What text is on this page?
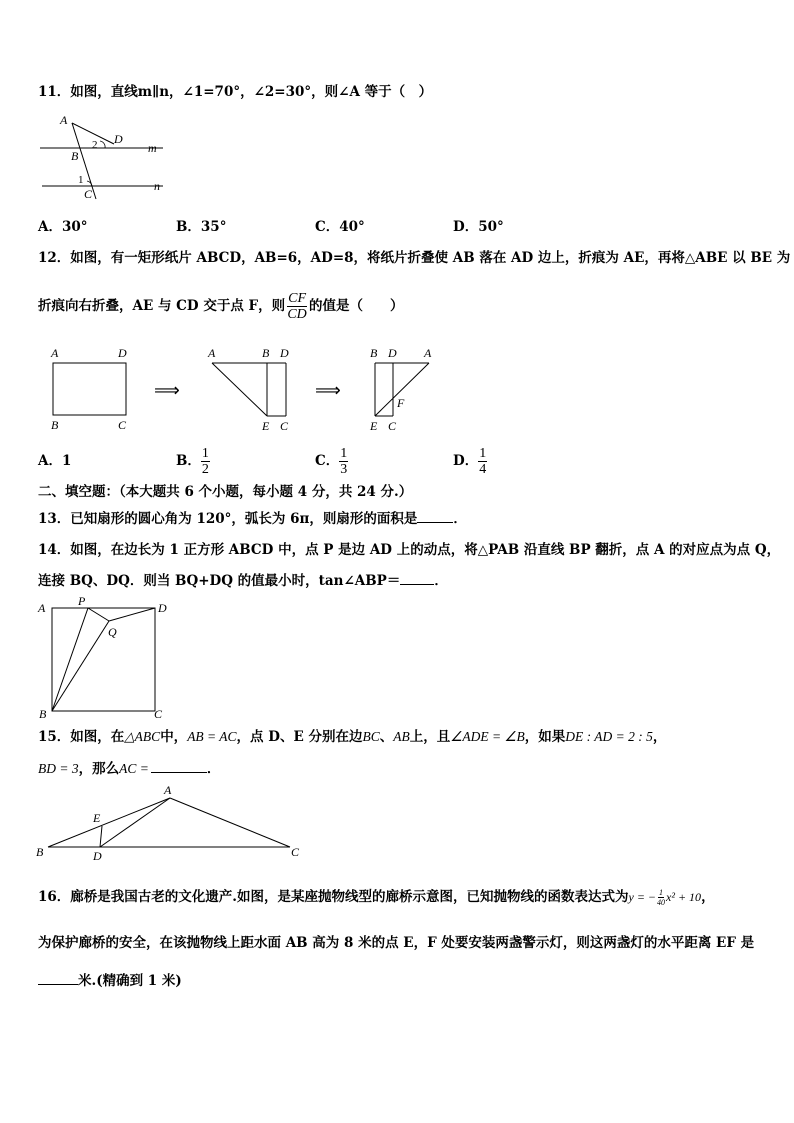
11．如图，直线m∥n，∠1=70°，∠2=30°，则∠A 等于（　）
A
D
m
B
2
1	n
C
A．30°	B．35°	C．40°	D．50°
12．如图，有一矩形纸片 ABCD，AB=6，AD=8，将纸片折叠使 AB 落在 AD 边上，折痕为 AE，再将△ABE 以 BE 为
折痕向右折叠，AE 与 CD 交于点 F，则 $\frac{CF}{CD}$ 的值是（　　）
A	D
B	C
⟹
A	B D
E C
⟹
B D A
F
E C
A．1	B． $\frac{1}{2}$	C． $\frac{1}{3}$	D． $\frac{1}{4}$
二、填空题：（本大题共 6 个小题，每小题 4 分，共 24 分.）
13．已知扇形的圆心角为 120°，弧长为 6π，则扇形的面积是	．
14．如图，在边长为 1 正方形 ABCD 中，点 P 是边 AD 上的动点，将△PAB 沿直线 BP 翻折，点 A 的对应点为点 Q，
连接 BQ、DQ．则当 BQ+DQ 的值最小时，tan∠ABP＝	．
A	P	D
Q
B	C
15．如图，在△ABC中，AB = AC，点 D、E 分别在边BC、AB上，且∠ADE = ∠B，如果DE : AD = 2 : 5，
BD = 3，那么AC =	．
A
E
B	D	C
16．廊桥是我国古老的文化遗产.如图，是某座抛物线型的廊桥示意图，已知抛物线的函数表达式为 y = − $\frac{1}{40} x^2 + 10$ ，
为保护廊桥的安全，在该抛物线上距水面 AB 高为 8 米的点 E，F 处要安装两盏警示灯，则这两盏灯的水平距离 EF 是
米.(精确到 1 米)
